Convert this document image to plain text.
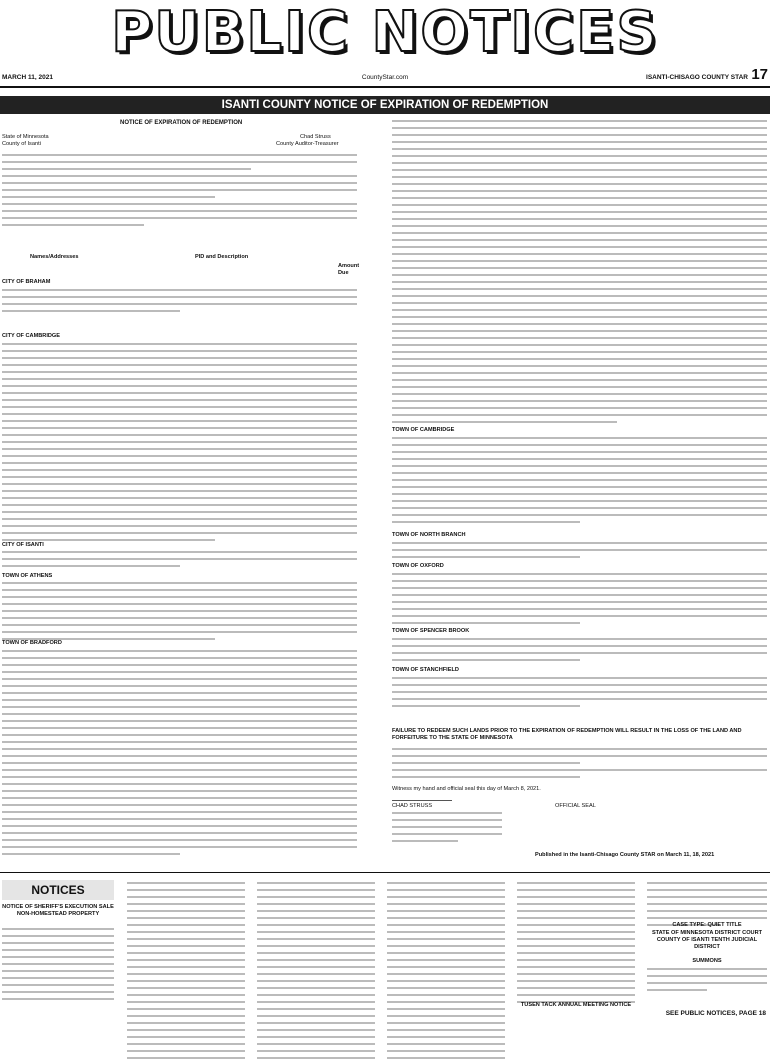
PUBLIC NOTICES
MARCH 11, 2021	CountyStar.com	ISANTI-CHISAGO COUNTY STAR 17
ISANTI COUNTY NOTICE OF EXPIRATION OF REDEMPTION
NOTICE OF EXPIRATION OF REDEMPTION
State of Minnesota
County of Isanti
Chad Struss
County Auditor-Treasurer
Names/Addresses	PID and Description
Amount Due
CITY OF BRAHAM
CITY OF CAMBRIDGE
CITY OF ISANTI
TOWN OF ATHENS
TOWN OF BRADFORD
TOWN OF CAMBRIDGE
TOWN OF NORTH BRANCH
TOWN OF OXFORD
TOWN OF SPENCER BROOK
TOWN OF STANCHFIELD
FAILURE TO REDEEM SUCH LANDS PRIOR TO THE EXPIRATION OF REDEMPTION WILL RESULT IN THE LOSS OF THE LAND AND FORFEITURE TO THE STATE OF MINNESOTA
Witness my hand and official seal this day of March 8, 2021.
CHAD STRUSS	OFFICIAL SEAL
Published in the Isanti-Chisago County STAR on March 11, 18, 2021
NOTICES
NOTICE OF SHERIFF'S EXECUTION SALE NON-HOMESTEAD PROPERTY
TUSEN TACK ANNUAL MEETING NOTICE
CASE TYPE: QUIET TITLE
STATE OF MINNESOTA DISTRICT COURT COUNTY OF ISANTI TENTH JUDICIAL DISTRICT
SUMMONS
SEE PUBLIC NOTICES, PAGE 18
